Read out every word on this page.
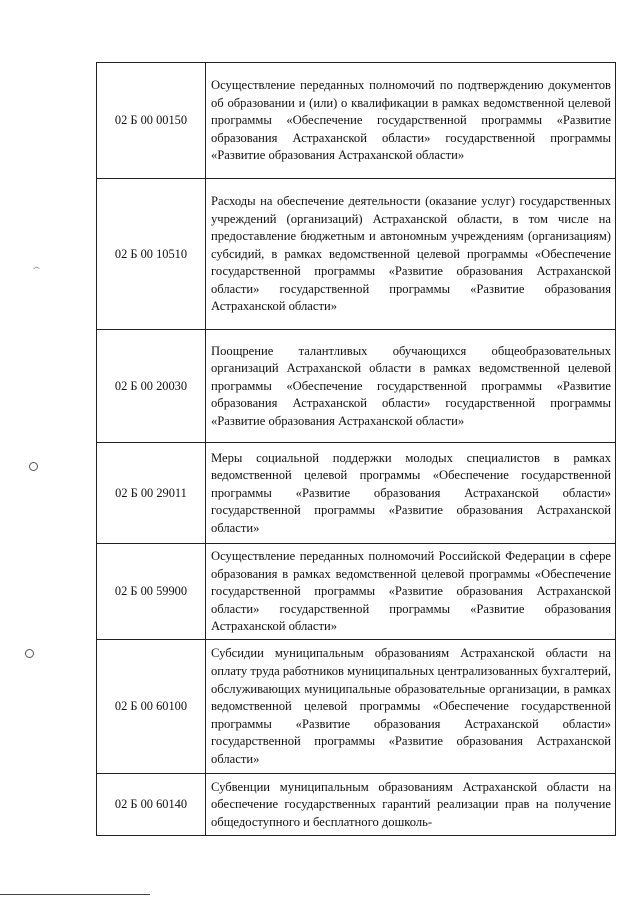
02 Б 00 00150	Осуществление переданных полномочий по подтверждению документов об образовании и (или) о квалификации в рамках ведомственной целевой программы «Обеспечение государственной программы «Развитие образования Астраханской области» государственной программы «Развитие образования Астраханской области»
02 Б 00 10510	Расходы на обеспечение деятельности (оказание услуг) государственных учреждений (организаций) Астраханской области, в том числе на предоставление бюджетным и автономным учреждениям (организациям) субсидий, в рамках ведомственной целевой программы «Обеспечение государственной программы «Развитие образования Астраханской области» государственной программы «Развитие образования Астраханской области»
02 Б 00 20030	Поощрение талантливых обучающихся общеобразовательных организаций Астраханской области в рамках ведомственной целевой программы «Обеспечение государственной программы «Развитие образования Астраханской области» государственной программы «Развитие образования Астраханской области»
02 Б 00 29011	Меры социальной поддержки молодых специалистов в рамках ведомственной целевой программы «Обеспечение государственной программы «Развитие образования Астраханской области» государственной программы «Развитие образования Астраханской области»
02 Б 00 59900	Осуществление переданных полномочий Российской Федерации в сфере образования в рамках ведомственной целевой программы «Обеспечение государственной программы «Развитие образования Астраханской области» государственной программы «Развитие образования Астраханской области»
02 Б 00 60100	Субсидии муниципальным образованиям Астраханской области на оплату труда работников муниципальных централизованных бухгалтерий, обслуживающих муниципальные образовательные организации, в рамках ведомственной целевой программы «Обеспечение государственной программы «Развитие образования Астраханской области» государственной программы «Развитие образования Астраханской области»
02 Б 00 60140	Субвенции муниципальным образованиям Астраханской области на обеспечение государственных гарантий реализации прав на получение общедоступного и бесплатного дошколь-
